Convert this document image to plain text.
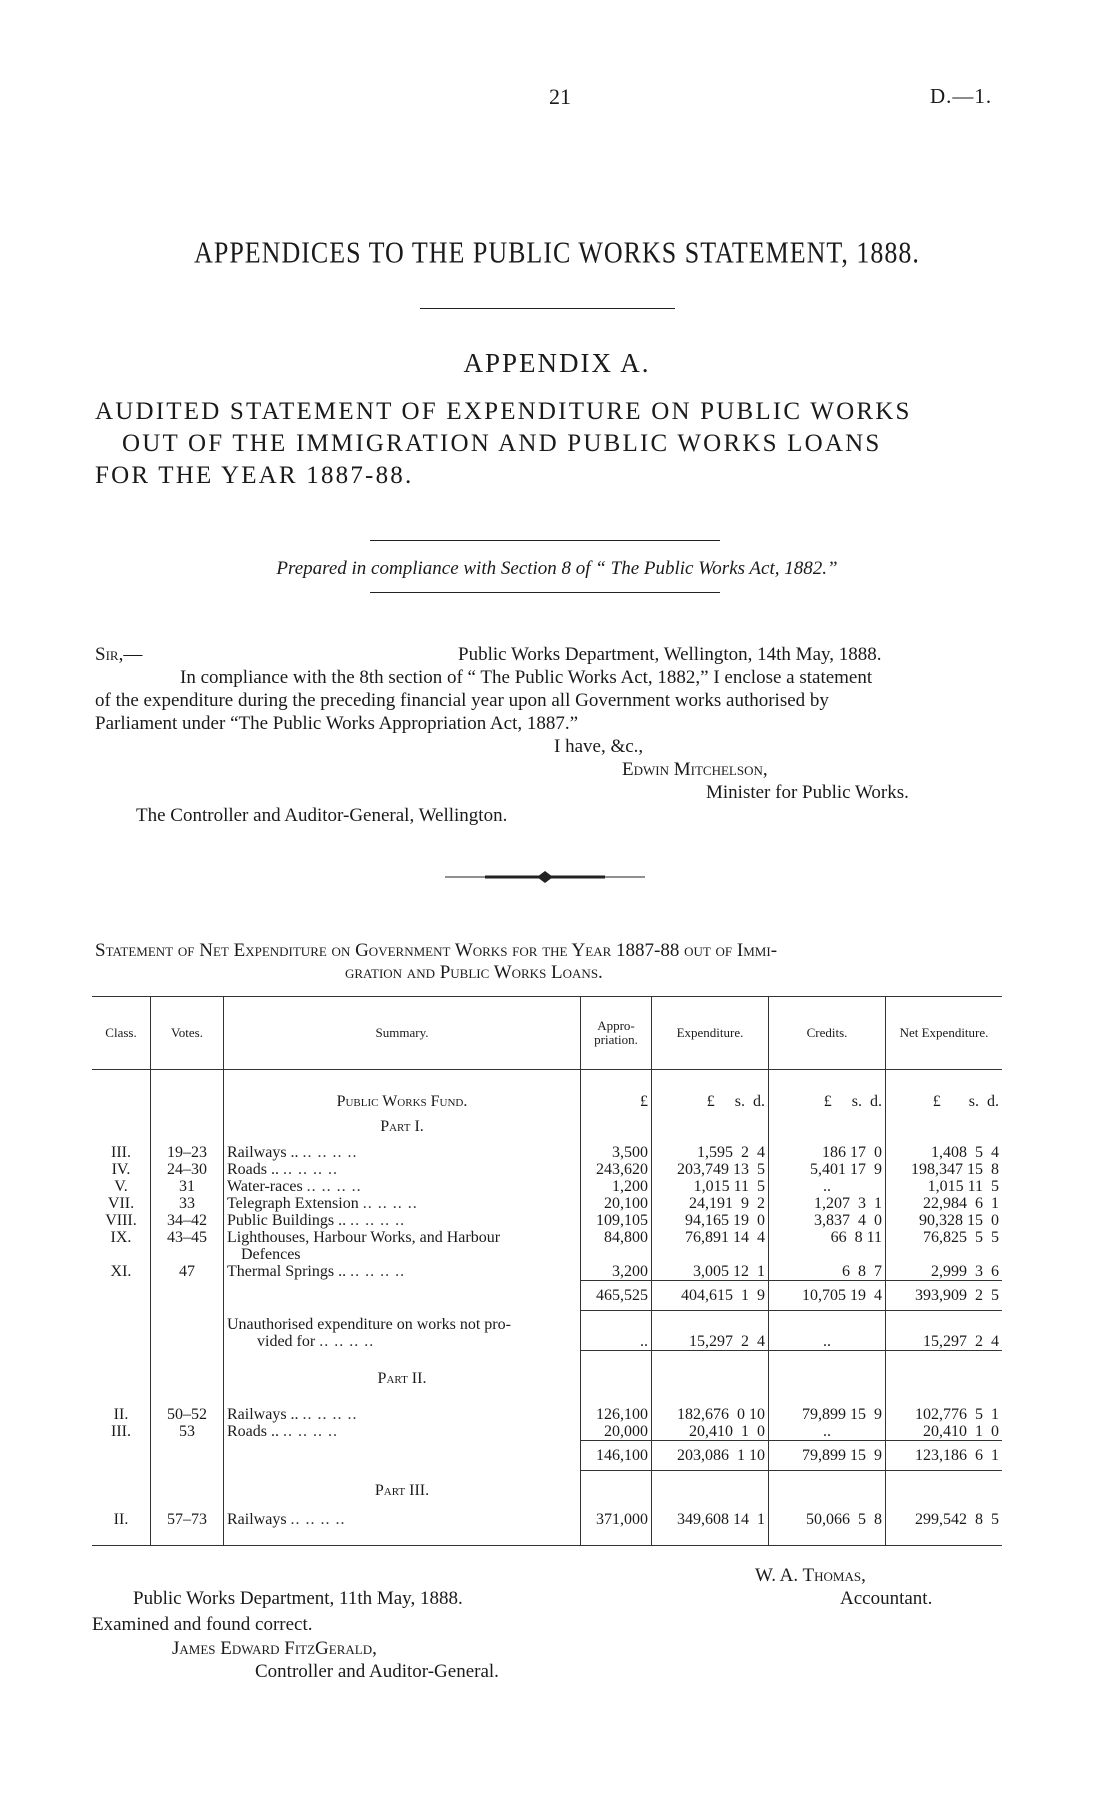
21	D.—1.
APPENDICES TO THE PUBLIC WORKS STATEMENT, 1888.
APPENDIX A.
AUDITED STATEMENT OF EXPENDITURE ON PUBLIC WORKS
OUT OF THE IMMIGRATION AND PUBLIC WORKS LOANS
FOR THE YEAR 1887-88.
Prepared in compliance with Section 8 of “ The Public Works Act, 1882.”
Sir,—	Public Works Department, Wellington, 14th May, 1888.
In compliance with the 8th section of “ The Public Works Act, 1882,” I enclose a statement
of the expenditure during the preceding financial year upon all Government works authorised by
Parliament under “The Public Works Appropriation Act, 1887.”
I have, &c.,
Edwin Mitchelson,
Minister for Public Works.
The Controller and Auditor-General, Wellington.
Statement of Net Expenditure on Government Works for the Year 1887-88 out of Immi-
gration and Public Works Loans.
Class.	Votes.	Summary.	Appro-priation.	Expenditure.	Credits.	Net Expenditure.
		Public Works Fund.	£	£     s.  d.	£     s.  d.	£       s.  d.
		Part I.				
III.	19–23	Railways .. .. .. .. ..	3,500	1,595  2  4	186 17  0	1,408  5  4
IV.	24–30	Roads .. .. .. .. ..	243,620	203,749 13  5	5,401 17  9	198,347 15  8
V.	31	Water-races .. .. .. ..	1,200	1,015 11  5	..	1,015 11  5
VII.	33	Telegraph Extension .. .. .. ..	20,100	24,191  9  2	1,207  3  1	22,984  6  1
VIII.	34–42	Public Buildings .. .. .. .. ..	109,105	94,165 19  0	3,837  4  0	90,328 15  0
IX.	43–45	Lighthouses, Harbour Works, and Harbour
Defences	84,800	76,891 14  4	66  8 11	76,825  5  5
XI.	47	Thermal Springs .. .. .. .. ..	3,200	3,005 12  1	6  8  7	2,999  3  6
			465,525	404,615  1  9	10,705 19  4	393,909  2  5

		Unauthorised expenditure on works not pro-
vided for .. .. .. ..	..	15,297  2  4	..	15,297  2  4
		Part II.				
II.	50–52	Railways .. .. .. .. ..	126,100	182,676  0 10	79,899 15  9	102,776  5  1
III.	53	Roads .. .. .. .. ..	20,000	20,410  1  0	..	20,410  1  0
			146,100	203,086  1 10	79,899 15  9	123,186  6  1
		Part III.				
II.	57–73	Railways .. .. .. ..	371,000	349,608 14  1	50,066  5  8	299,542  8  5

W. A. Thomas,
Accountant.
Public Works Department, 11th May, 1888.
Examined and found correct.
James Edward FitzGerald,
Controller and Auditor-General.
